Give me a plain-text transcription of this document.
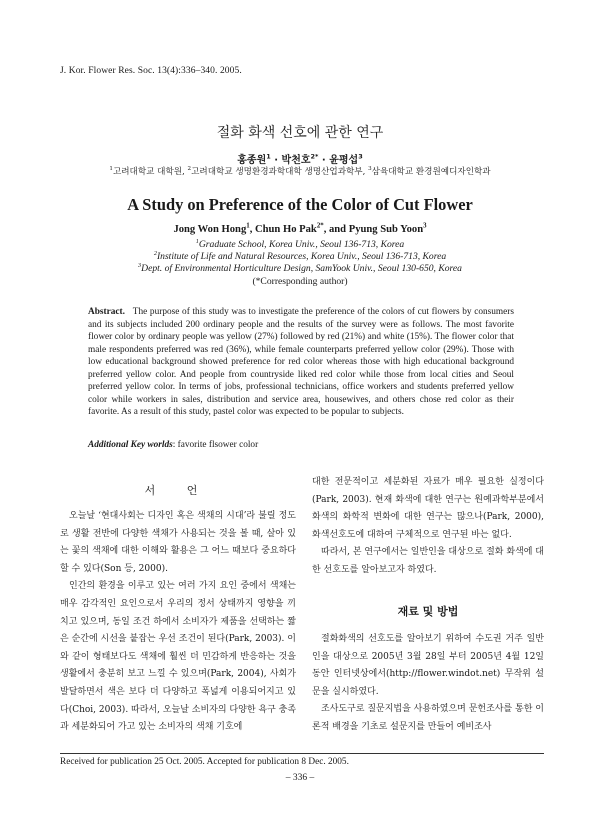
J. Kor. Flower Res. Soc. 13(4):336–340. 2005.
절화 화색 선호에 관한 연구
홍종원$^1$ · 박천호$^{2*}$ · 윤평섭$^3$
$^1$고려대학교 대학원, $^2$고려대학교 생명환경과학대학 생명산업과학부, $^3$삼육대학교 환경원예디자인학과
A Study on Preference of the Color of Cut Flower
Jong Won Hong$^1$, Chun Ho Pak$^{2*}$, and Pyung Sub Yoon$^3$
$^1$Graduate School, Korea Univ., Seoul 136-713, Korea
$^2$Institute of Life and Natural Resources, Korea Univ., Seoul 136-713, Korea
$^3$Dept. of Environmental Horticulture Design, SamYook Univ., Seoul 130-650, Korea
(*Corresponding author)
Abstract. The purpose of this study was to investigate the preference of the colors of cut flowers by consumers and its subjects included 200 ordinary people and the results of the survey were as follows. The most favorite flower color by ordinary people was yellow (27%) followed by red (21%) and white (15%). The flower color that male respondents preferred was red (36%), while female counterparts preferred yellow color (29%). Those with low educational background showed preference for red color whereas those with high educational background preferred yellow color. And people from countryside liked red color while those from local cities and Seoul preferred yellow color. In terms of jobs, professional technicians, office workers and students preferred yellow color while workers in sales, distribution and service area, housewives, and others chose red color as their favorite. As a result of this study, pastel color was expected to be popular to subjects.
Additional Key worlds: favorite flsower color
서 언

오늘날 ‘현대사회는 디자인 혹은 색채의 시대’라 불릴 정도로 생활 전반에 다양한 색채가 사용되는 것을 볼 때, 살아 있는 꽃의 색채에 대한 이해와 활용은 그 어느 때보다 중요하다 할 수 있다(Son 등, 2000).

인간의 환경을 이루고 있는 여러 가지 요인 중에서 색채는 매우 감각적인 요인으로서 우리의 정서 상태까지 영향을 끼치고 있으며, 동일 조건 하에서 소비자가 제품을 선택하는 짧은 순간에 시선을 붙잡는 우선 조건이 된다(Park, 2003). 이와 같이 형태보다도 색채에 훨씬 더 민감하게 반응하는 것을 생활에서 충분히 보고 느낄 수 있으며(Park, 2004), 사회가 발달하면서 색은 보다 더 다양하고 폭넓게 이용되어지고 있다(Choi, 2003). 따라서, 오늘날 소비자의 다양한 욕구 충족과 세분화되어 가고 있는 소비자의 색채 기호에

대한 전문적이고 세분화된 자료가 매우 필요한 실정이다(Park, 2003). 현재 화색에 대한 연구는 원예과학부분에서 화색의 화학적 변화에 대한 연구는 많으나(Park, 2000), 화색선호도에 대하여 구체적으로 연구된 바는 없다.

따라서, 본 연구에서는 일반인을 대상으로 절화 화색에 대한 선호도를 알아보고자 하였다.

재료 및 방법

절화화색의 선호도를 알아보기 위하여 수도권 거주 일반인을 대상으로 2005년 3월 28일 부터 2005년 4월 12일 동안 인터넷상에서(http://flower.windot.net) 무작위 설문을 실시하였다.

조사도구로 질문지법을 사용하였으며 문헌조사를 통한 이론적 배경을 기초로 설문지를 만들어 예비조사

Received for publication 25 Oct. 2005. Accepted for publication 8 Dec. 2005.
– 336 –
